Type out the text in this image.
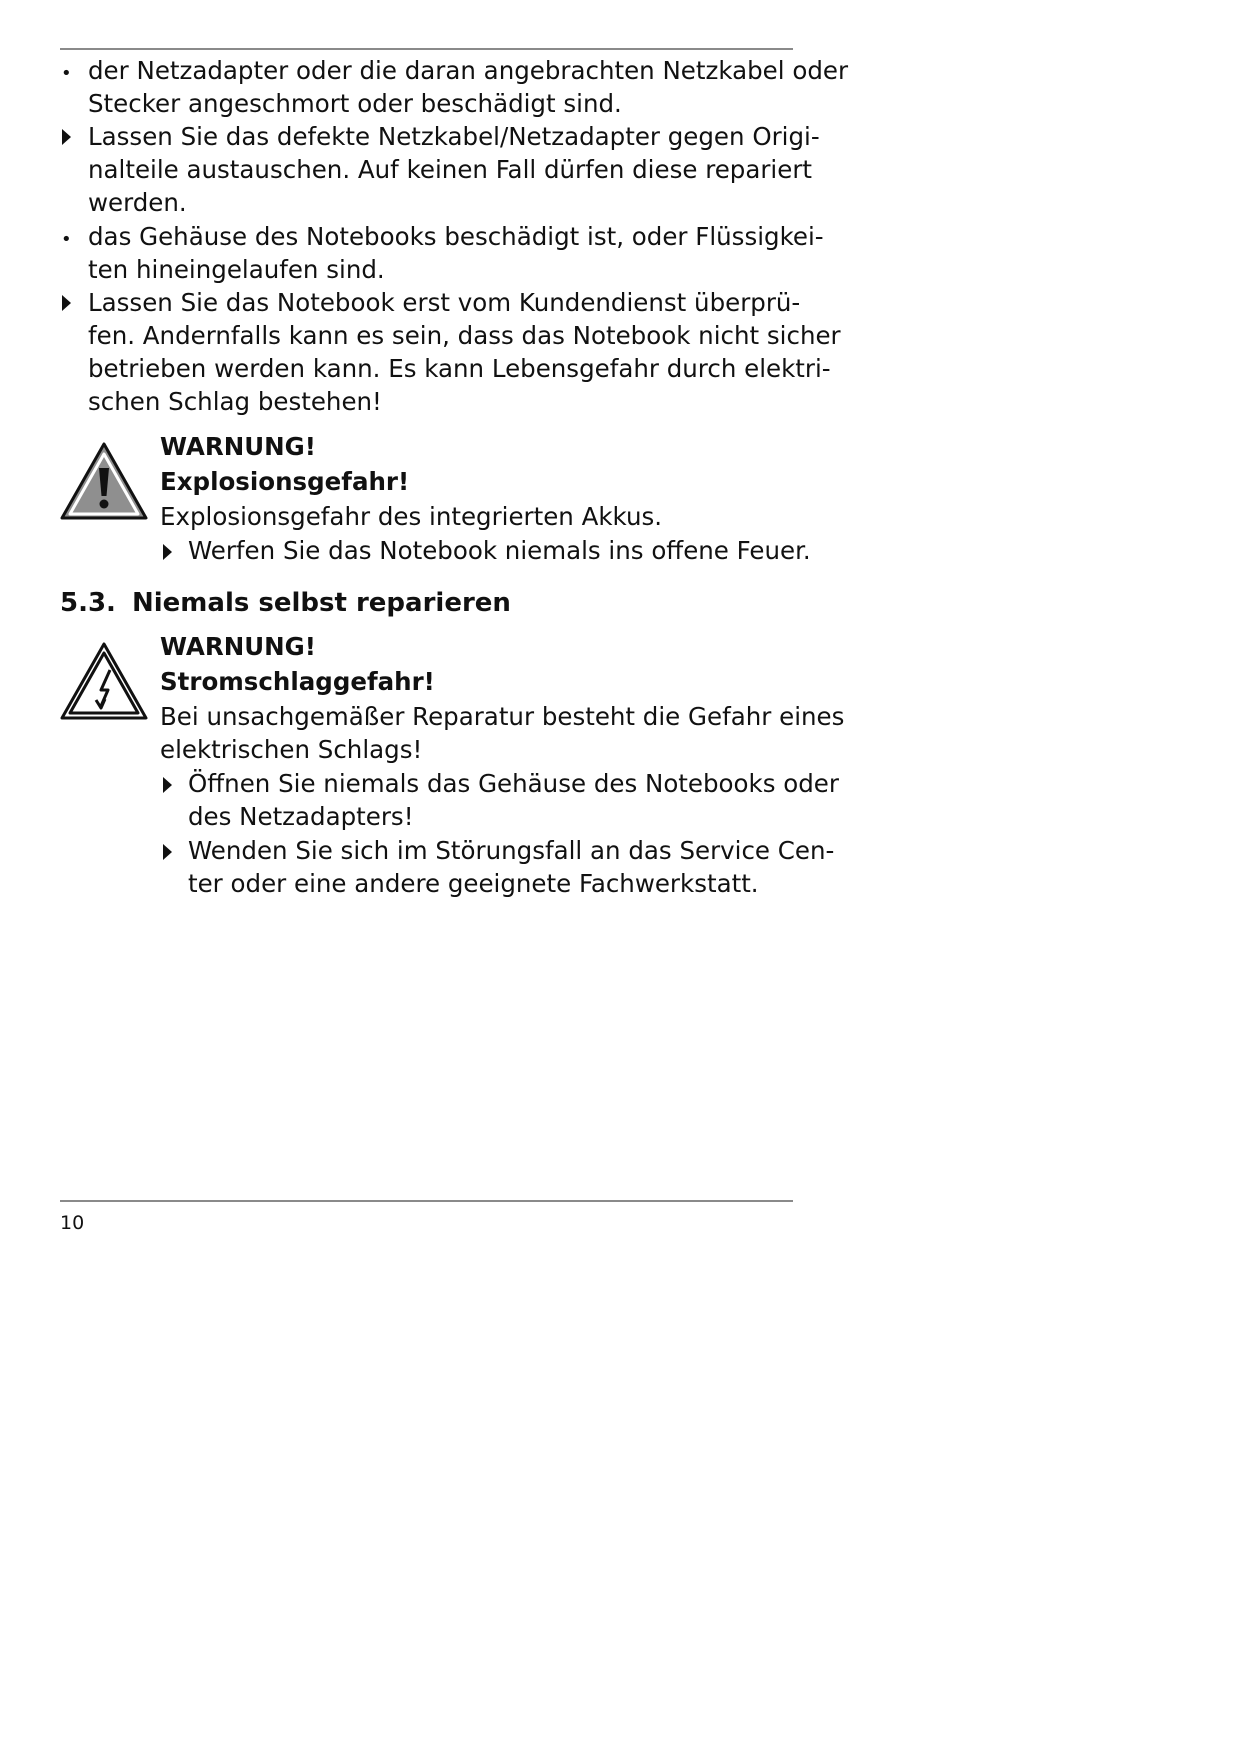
•

der Netzadapter oder die daran angebrachten Netzkabel oder

Stecker angeschmort oder beschädigt sind.

Lassen Sie das defekte Netzkabel/Netzadapter gegen Origi-

nalteile austauschen. Auf keinen Fall dürfen diese repariert

werden.

•

das Gehäuse des Notebooks beschädigt ist, oder Flüssigkei-

ten hineingelaufen sind.

Lassen Sie das Notebook erst vom Kundendienst überprü-

fen. Andernfalls kann es sein, dass das Notebook nicht sicher

betrieben werden kann. Es kann Lebensgefahr durch elektri-

schen Schlag bestehen!

WARNUNG!

Explosionsgefahr!

Explosionsgefahr des integrierten Akkus.

Werfen Sie das Notebook niemals ins offene Feuer.

5.3. Niemals selbst reparieren

WARNUNG!

Stromschlaggefahr!

Bei unsachgemäßer Reparatur besteht die Gefahr eines

elektrischen Schlags!

Öffnen Sie niemals das Gehäuse des Notebooks oder

des Netzadapters!

Wenden Sie sich im Störungsfall an das Service Cen-

ter oder eine andere geeignete Fachwerkstatt.

10
